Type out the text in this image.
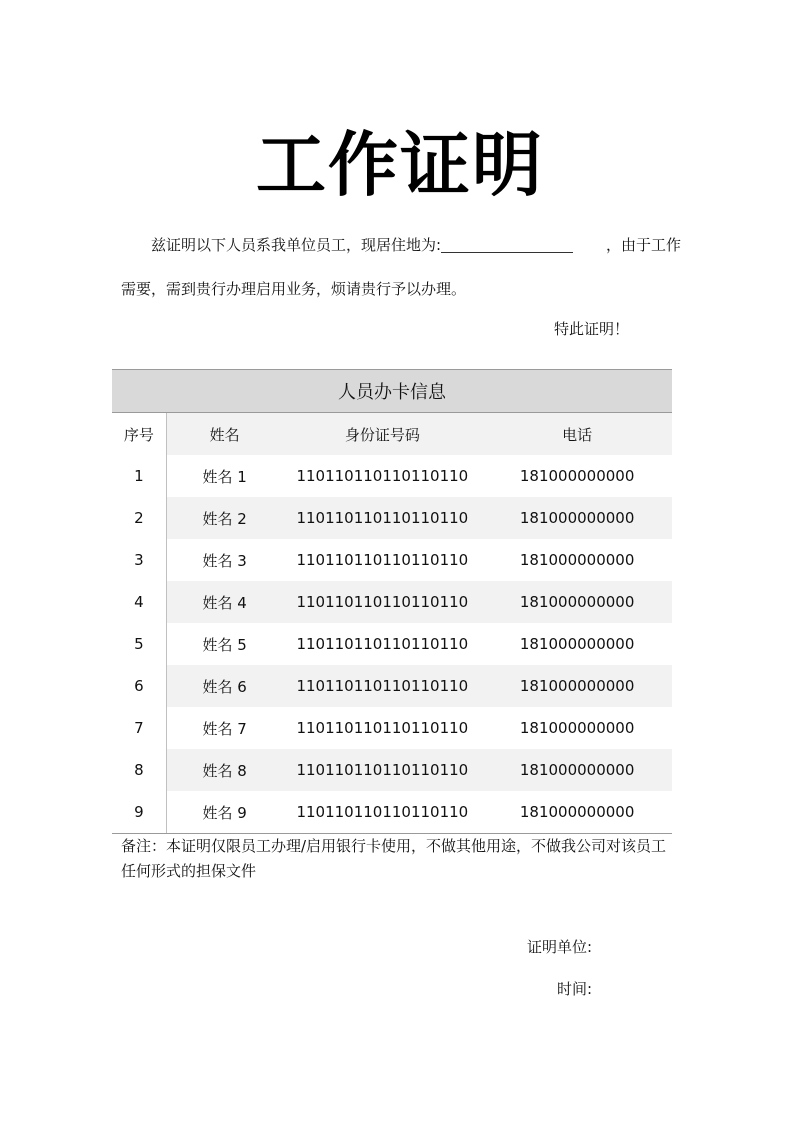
工作证明
兹证明以下人员系我单位员工，现居住地为:	，由于工作
需要，需到贵行办理启用业务，烦请贵行予以办理。
特此证明！
人员办卡信息			
序号	姓名	身份证号码	电话
1	姓名 1	110110110110110110	181000000000
2	姓名 2	110110110110110110	181000000000
3	姓名 3	110110110110110110	181000000000
4	姓名 4	110110110110110110	181000000000
5	姓名 5	110110110110110110	181000000000
6	姓名 6	110110110110110110	181000000000
7	姓名 7	110110110110110110	181000000000
8	姓名 8	110110110110110110	181000000000
9	姓名 9	110110110110110110	181000000000
备注：本证明仅限员工办理/启用银行卡使用，不做其他用途，不做我公司对该员工任何形式的担保文件
证明单位:
时间:
